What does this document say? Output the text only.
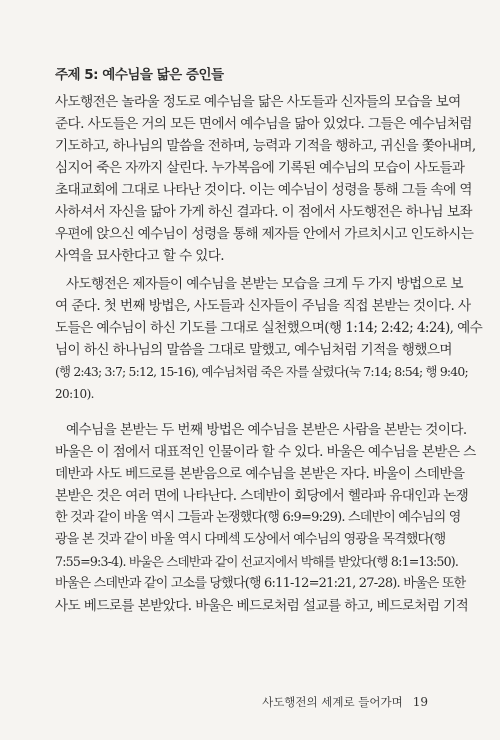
주제 5: 예수님을 닮은 증인들
사도행전은 놀라울 정도로 예수님을 닮은 사도들과 신자들의 모습을 보여
준다. 사도들은 거의 모든 면에서 예수님을 닮아 있었다. 그들은 예수님처럼
기도하고, 하나님의 말씀을 전하며, 능력과 기적을 행하고, 귀신을 쫓아내며,
심지어 죽은 자까지 살린다. 누가복음에 기록된 예수님의 모습이 사도들과
초대교회에 그대로 나타난 것이다. 이는 예수님이 성령을 통해 그들 속에 역
사하셔서 자신을 닮아 가게 하신 결과다. 이 점에서 사도행전은 하나님 보좌
우편에 앉으신 예수님이 성령을 통해 제자들 안에서 가르치시고 인도하시는
사역을 묘사한다고 할 수 있다.
사도행전은 제자들이 예수님을 본받는 모습을 크게 두 가지 방법으로 보
여 준다. 첫 번째 방법은, 사도들과 신자들이 주님을 직접 본받는 것이다. 사
도들은 예수님이 하신 기도를 그대로 실천했으며(행 1:14; 2:42; 4:24), 예수
님이 하신 하나님의 말씀을 그대로 말했고, 예수님처럼 기적을 행했으며
(행 2:43; 3:7; 5:12, 15-16), 예수님처럼 죽은 자를 살렸다(눅 7:14; 8:54; 행 9:40;
20:10).
예수님을 본받는 두 번째 방법은 예수님을 본받은 사람을 본받는 것이다.
바울은 이 점에서 대표적인 인물이라 할 수 있다. 바울은 예수님을 본받은 스
데반과 사도 베드로를 본받음으로 예수님을 본받은 자다. 바울이 스데반을
본받은 것은 여러 면에 나타난다. 스데반이 회당에서 헬라파 유대인과 논쟁
한 것과 같이 바울 역시 그들과 논쟁했다(행 6:9=9:29). 스데반이 예수님의 영
광을 본 것과 같이 바울 역시 다메섹 도상에서 예수님의 영광을 목격했다(행
7:55=9:3-4). 바울은 스데반과 같이 선교지에서 박해를 받았다(행 8:1=13:50).
바울은 스데반과 같이 고소를 당했다(행 6:11-12=21:21, 27-28). 바울은 또한
사도 베드로를 본받았다. 바울은 베드로처럼 설교를 하고, 베드로처럼 기적
사도행전의 세계로 들어가며 19
